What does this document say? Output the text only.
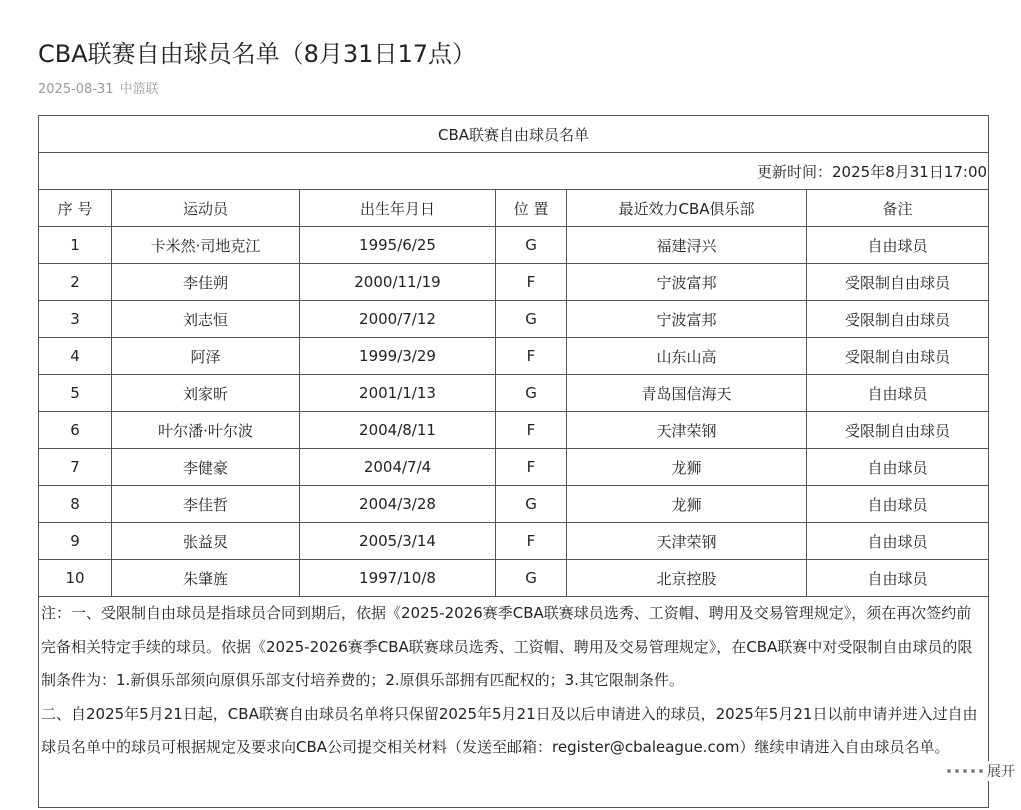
CBA联赛自由球员名单（8月31日17点）
2025-08-31 中篮联
CBA联赛自由球员名单					
更新时间：2025年8月31日17:00					
序 号	运动员	出生年月日	位 置	最近效力CBA俱乐部	备注
1	卡米然·司地克江	1995/6/25	G	福建浔兴	自由球员
2	李佳朔	2000/11/19	F	宁波富邦	受限制自由球员
3	刘志恒	2000/7/12	G	宁波富邦	受限制自由球员
4	阿泽	1999/3/29	F	山东山高	受限制自由球员
5	刘家昕	2001/1/13	G	青岛国信海天	自由球员
6	叶尔潘·叶尔波	2004/8/11	F	天津荣钢	受限制自由球员
7	李健豪	2004/7/4	F	龙狮	自由球员
8	李佳哲	2004/3/28	G	龙狮	自由球员
9	张益炅	2005/3/14	F	天津荣钢	自由球员
10	朱肇旌	1997/10/8	G	北京控股	自由球员

注：一、受限制自由球员是指球员合同到期后，依据《2025-2026赛季CBA联赛球员选秀、工资帽、聘用及交易管理规定》，须在再次签约前完备相关特定手续的球员。依据《2025-2026赛季CBA联赛球员选秀、工资帽、聘用及交易管理规定》，在CBA联赛中对受限制自由球员的限制条件为：1.新俱乐部须向原俱乐部支付培养费的；2.原俱乐部拥有匹配权的；3.其它限制条件。

二、自2025年5月21日起，CBA联赛自由球员名单将只保留2025年5月21日及以后申请进入的球员，2025年5月21日以前申请并进入过自由球员名单中的球员可根据规定及要求向CBA公司提交相关材料（发送至邮箱：register@cbaleague.com）继续申请进入自由球员名单。					

展开
